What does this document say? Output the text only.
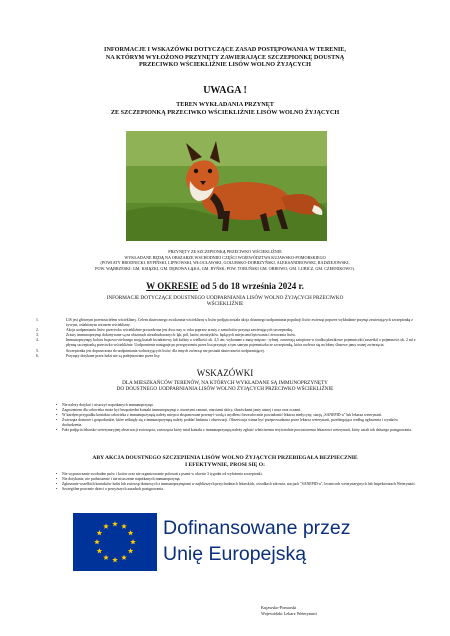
INFORMACJE I WSKAZÓWKI DOTYCZĄCE ZASAD POSTĘPOWANIA W TERENIE,
NA KTÓRYM WYŁOŻONO PRZYNĘTY ZAWIERAJĄCE SZCZEPIONKĘ DOUSTNĄ
PRZECIWKO WŚCIEKLIŹNIE LISÓW WOLNO ŻYJĄCYCH
UWAGA !
TEREN WYKŁADANIA PRZYNĘT
ZE SZCZEPIONKĄ PRZECIWKO WŚCIEKLIŹNIE LISÓW WOLNO ŻYJĄCYCH
PRZYNĘTY ZE SZCZEPIONKĄ PRZECIWKO WŚCIEKLIŹNIE
WYKŁADANE BĘDĄ NA OBSZARZE WSCHODNIEJ CZĘŚCI WOJEWÓDZTWA KUJAWSKO-POMORSKIEGO
(POWIATY BRODNICKI, RYPIŃSKI, LIPNOWSKI, WŁOCŁAWSKI, GOLUBSKO-DOBRZYŃSKI, ALEKSANDROWSKI, RADZIEJOWSKI,
POW. WĄBRZESKI: GM. KSIĄŻKI, GM. DĘBOWA ŁĄKA, GM. RYŃSK; POW. TORUŃSKI GM. OBROWO, GM. LUBICZ, GM. CZERNIKOWO).
W OKRESIE od 5 do 18 września 2024 r.
INFORMACJE DOTYCZĄCE DOUSTNEGO UODPARNIANIA LISÓW WOLNO ŻYJĄCYCH PRZECIWKO
WŚCIEKLIŹNIE
1.	LIS jest głównym przenosicielem wścieklizny. Celem skutecznego zwalczania wścieklizny u lisów podjęta została akcja doustnego uodparniania populacji lisów zwierząt poprzez wykładanie przynęt zawierających szczepionkę z żywym, osłabionym wirusem wścieklizny.
2.	Akcja uodparniania lisów przeciwko wściekliźnie prowadzona jest dwa razy w roku poprzez zrzuty z samolotów przynęt zawierających szczepionkę.
3.	Zrzuty immunoprzynęt dokonywane są na obszarach niezabudowanych: łąk, pól, lasów, nieużytków, będących miejscami bytowania i żerowania lisów.
4.	Immunoprzynęty koloru brązowo-zielonego mają kształt kwadratowy lub kulisty o wielkości ok. 4,5 cm; wykonane z masy mięsno - rybnej, zawierają zatopione w środku plastikowe pojemniczki (saszetki) o pojemności ok. 2 ml z płynną szczepionką przeciwko wściekliźnie. Uodpornienie następuje po przegryzieniu przez lisa przynęty a tym samym pojemniczka ze szczepionką, która rozlewa się na błony śluzowe jamy ustnej zwierzęcia.
5.	Szczepionka jest dopuszczona do uodparniania wolnożyjących lisów, dla innych zwierząt nie posiada skuteczności uodparniającej.
6.	Przynęty dotykane przez ludzi nie są podejmowane przez lisy.
WSKAZÓWKI
DLA MIESZKAŃCÓW TERENÓW, NA KTÓRYCH WYKŁADANE SĄ IMMUNOPRZYNĘTY
DO DOUSTNEGO UODPARNIANIA LISÓW WOLNO ŻYJĄCYCH PRZECIWKO WŚCIEKLIŹNIE
• Nie należy dotykać i niszczyć napotkanych immunoprzynęt.
• Zagrożeniem dla człowieka może być bezpośredni kontakt immunoprzynęt z otwartymi ranami, otarciami skóry, śluzówkami jamy ustnej i nosa oraz oczami.
• W każdym przypadku kontaktu człowieka z immunoprzynętą należy miejsca eksponowane przemyć wodą z mydłem i bezzwłocznie powiadomić lekarza medycyny, stację „SANEPID-u” lub lekarza weterynarii.
• Zwierzęta domowe i gospodarskie, które zetknęły się z immunoprzynętą należy poddać badaniu i obserwacji. Obserwacja winna być przeprowadzona przez lekarza weterynarii, przebiegająca według zgłoszenia i wyników dochodzenia.
• Fakt podjęcia lekarsko-weterynaryjnej obserwacji zwierzęcia, zwierzęcia który miał kontakt z immunoprzynętą należy zgłosić właściwemu terytorialnie powiatowemu lekarzowi weterynarii, który ustali tok dalszego postępowania.
ABY AKCJA DOUSTNEGO SZCZEPIENIA LISÓW WOLNO ŻYJĄCYCH PRZEBIEGAŁA BEZPIECZNIE
I EFEKTYWNIE, PROSI SIĘ O:
• Nie wypuszczanie swobodne psów i kotów oraz nie organizowanie polowań z psami w okresie 3 tygodni od wyłożenia szczepionki.
• Nie dotykanie, nie podnoszenie i nie niszczenie napotkanych immunoprzynęt.
• Zgłaszanie wszelkich kontaktów ludzi lub zwierząt domowych z immunoprzynętami w najbliższych przychodniach lekarskich, ośrodkach zdrowia, stacjach "SANEPID-u", lecznicach weterynaryjnych lub Inspektoratach Weterynarii.
• Szczególne poucznie dzieci o powyższych zasadach postępowania.
Dofinansowane przez
Unię Europejską
Kujawsko-Pomorski
Wojewódzki Lekarz Weterynarii
